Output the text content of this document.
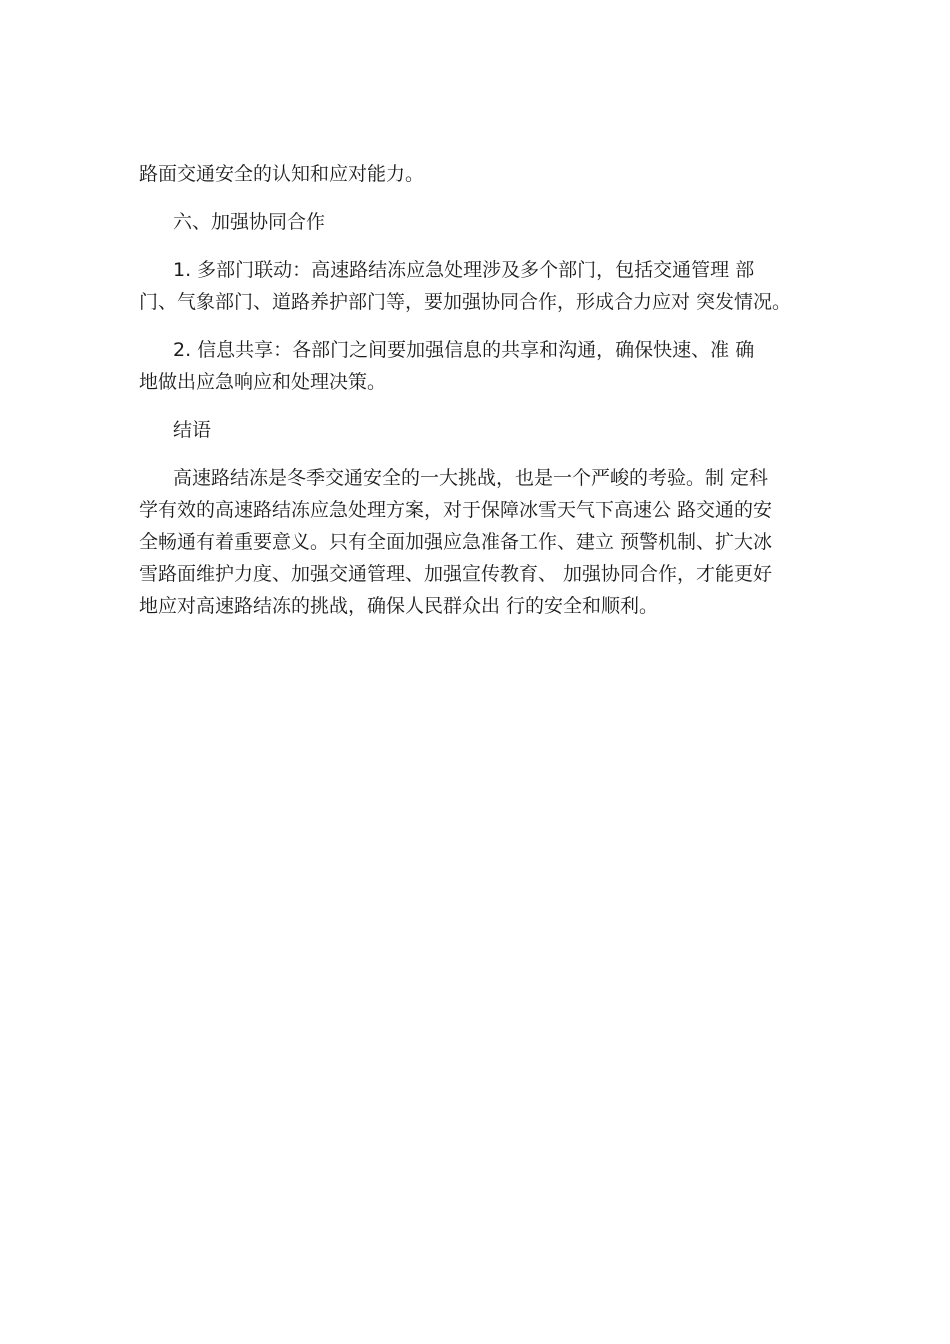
路面交通安全的认知和应对能力。

六、加强协同合作

1. 多部门联动：高速路结冻应急处理涉及多个部门，包括交通管理 部
门、气象部门、道路养护部门等，要加强协同合作，形成合力应对 突发情况。

2. 信息共享：各部门之间要加强信息的共享和沟通，确保快速、准 确
地做出应急响应和处理决策。

结语

高速路结冻是冬季交通安全的一大挑战，也是一个严峻的考验。制 定科
学有效的高速路结冻应急处理方案，对于保障冰雪天气下高速公 路交通的安
全畅通有着重要意义。只有全面加强应急准备工作、建立 预警机制、扩大冰
雪路面维护力度、加强交通管理、加强宣传教育、 加强协同合作，才能更好
地应对高速路结冻的挑战，确保人民群众出 行的安全和顺利。
